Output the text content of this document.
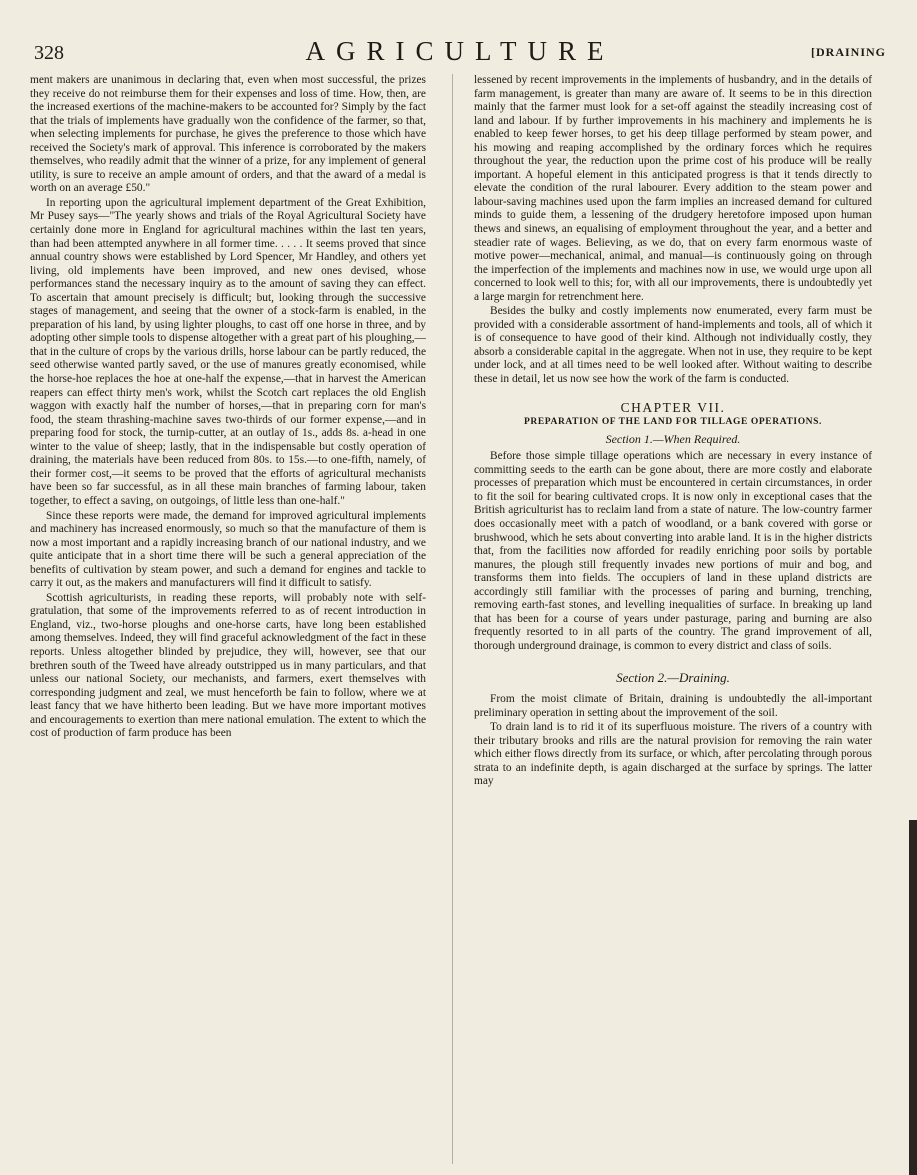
328	AGRICULTURE	[DRAINING

ment makers are unanimous in declaring that, even when most successful, the prizes they receive do not reimburse them for their expenses and loss of time. How, then, are the increased exertions of the machine-makers to be accounted for? Simply by the fact that the trials of implements have gradually won the confidence of the farmer, so that, when selecting implements for purchase, he gives the preference to those which have received the Society's mark of approval. This inference is corroborated by the makers themselves, who readily admit that the winner of a prize, for any implement of general utility, is sure to receive an ample amount of orders, and that the award of a medal is worth on an average £50."

In reporting upon the agricultural implement department of the Great Exhibition, Mr Pusey says—"The yearly shows and trials of the Royal Agricultural Society have certainly done more in England for agricultural machines within the last ten years, than had been attempted anywhere in all former time. . . . . It seems proved that since annual country shows were established by Lord Spencer, Mr Handley, and others yet living, old implements have been improved, and new ones devised, whose performances stand the necessary inquiry as to the amount of saving they can effect. To ascertain that amount precisely is difficult; but, looking through the successive stages of management, and seeing that the owner of a stock-farm is enabled, in the preparation of his land, by using lighter ploughs, to cast off one horse in three, and by adopting other simple tools to dispense altogether with a great part of his ploughing,—that in the culture of crops by the various drills, horse labour can be partly reduced, the seed otherwise wanted partly saved, or the use of manures greatly economised, while the horse-hoe replaces the hoe at one-half the expense,—that in harvest the American reapers can effect thirty men's work, whilst the Scotch cart replaces the old English waggon with exactly half the number of horses,—that in preparing corn for man's food, the steam thrashing-machine saves two-thirds of our former expense,—and in preparing food for stock, the turnip-cutter, at an outlay of 1s., adds 8s. a-head in one winter to the value of sheep; lastly, that in the indispensable but costly operation of draining, the materials have been reduced from 80s. to 15s.—to one-fifth, namely, of their former cost,—it seems to be proved that the efforts of agricultural mechanists have been so far successful, as in all these main branches of farming labour, taken together, to effect a saving, on outgoings, of little less than one-half."

Since these reports were made, the demand for improved agricultural implements and machinery has increased enormously, so much so that the manufacture of them is now a most important and a rapidly increasing branch of our national industry, and we quite anticipate that in a short time there will be such a general appreciation of the benefits of cultivation by steam power, and such a demand for engines and tackle to carry it out, as the makers and manufacturers will find it difficult to satisfy.

Scottish agriculturists, in reading these reports, will probably note with self-gratulation, that some of the improvements referred to as of recent introduction in England, viz., two-horse ploughs and one-horse carts, have long been established among themselves. Indeed, they will find graceful acknowledgment of the fact in these reports. Unless altogether blinded by prejudice, they will, however, see that our brethren south of the Tweed have already outstripped us in many particulars, and that unless our national Society, our mechanists, and farmers, exert themselves with corresponding judgment and zeal, we must henceforth be fain to follow, where we at least fancy that we have hitherto been leading. But we have more important motives and encouragements to exertion than mere national emulation. The extent to which the cost of production of farm produce has been

lessened by recent improvements in the implements of husbandry, and in the details of farm management, is greater than many are aware of. It seems to be in this direction mainly that the farmer must look for a set-off against the steadily increasing cost of land and labour. If by further improvements in his machinery and implements he is enabled to keep fewer horses, to get his deep tillage performed by steam power, and his mowing and reaping accomplished by the ordinary forces which he requires throughout the year, the reduction upon the prime cost of his produce will be really important. A hopeful element in this anticipated progress is that it tends directly to elevate the condition of the rural labourer. Every addition to the steam power and labour-saving machines used upon the farm implies an increased demand for cultured minds to guide them, a lessening of the drudgery heretofore imposed upon human thews and sinews, an equalising of employment throughout the year, and a better and steadier rate of wages. Believing, as we do, that on every farm enormous waste of motive power—mechanical, animal, and manual—is continuously going on through the imperfection of the implements and machines now in use, we would urge upon all concerned to look well to this; for, with all our improvements, there is undoubtedly yet a large margin for retrenchment here.

Besides the bulky and costly implements now enumerated, every farm must be provided with a considerable assortment of hand-implements and tools, all of which it is of consequence to have good of their kind. Although not individually costly, they absorb a considerable capital in the aggregate. When not in use, they require to be kept under lock, and at all times need to be well looked after. Without waiting to describe these in detail, let us now see how the work of the farm is conducted.

CHAPTER VII.
PREPARATION OF THE LAND FOR TILLAGE OPERATIONS.
Section 1.—When Required.

Before those simple tillage operations which are necessary in every instance of committing seeds to the earth can be gone about, there are more costly and elaborate processes of preparation which must be encountered in certain circumstances, in order to fit the soil for bearing cultivated crops. It is now only in exceptional cases that the British agriculturist has to reclaim land from a state of nature. The low-country farmer does occasionally meet with a patch of woodland, or a bank covered with gorse or brushwood, which he sets about converting into arable land. It is in the higher districts that, from the facilities now afforded for readily enriching poor soils by portable manures, the plough still frequently invades new portions of muir and bog, and transforms them into fields. The occupiers of land in these upland districts are accordingly still familiar with the processes of paring and burning, trenching, removing earth-fast stones, and levelling inequalities of surface. In breaking up land that has been for a course of years under pasturage, paring and burning are also frequently resorted to in all parts of the country. The grand improvement of all, thorough underground drainage, is common to every district and class of soils.

Section 2.—Draining.

From the moist climate of Britain, draining is undoubtedly the all-important preliminary operation in setting about the improvement of the soil.

To drain land is to rid it of its superfluous moisture. The rivers of a country with their tributary brooks and rills are the natural provision for removing the rain water which either flows directly from its surface, or which, after percolating through porous strata to an indefinite depth, is again discharged at the surface by springs. The latter may
